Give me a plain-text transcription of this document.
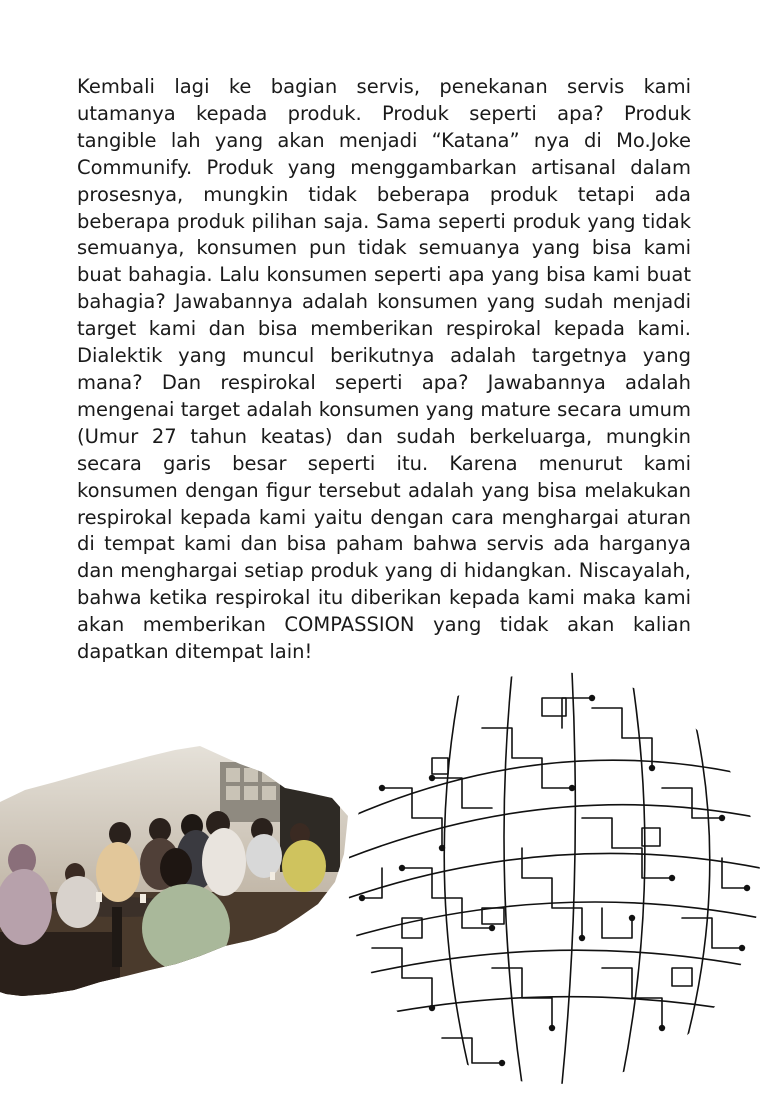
Kembali lagi ke bagian servis, penekanan servis kami utamanya kepada produk. Produk seperti apa? Produk tangible lah yang akan menjadi “Katana” nya di Mo.Joke Communify. Produk yang menggambarkan artisanal dalam prosesnya, mungkin tidak beberapa produk tetapi ada beberapa produk pilihan saja. Sama seperti produk yang tidak semuanya, konsumen pun tidak semuanya yang bisa kami buat bahagia. Lalu konsumen seperti apa yang bisa kami buat bahagia? Jawabannya adalah konsumen yang sudah menjadi target kami dan bisa memberikan respirokal kepada kami. Dialektik yang muncul berikutnya adalah targetnya yang mana? Dan respirokal seperti apa? Jawabannya adalah mengenai target adalah konsumen yang mature secara umum (Umur 27 tahun keatas) dan sudah berkeluarga, mungkin secara garis besar seperti itu. Karena menurut kami konsumen dengan figur tersebut adalah yang bisa melakukan respirokal kepada kami yaitu dengan cara menghargai aturan di tempat kami dan bisa paham bahwa servis ada harganya dan menghargai setiap produk yang di hidangkan. Niscayalah, bahwa ketika respirokal itu diberikan kepada kami maka kami akan memberikan COMPASSION yang tidak akan kalian dapatkan ditempat lain!
